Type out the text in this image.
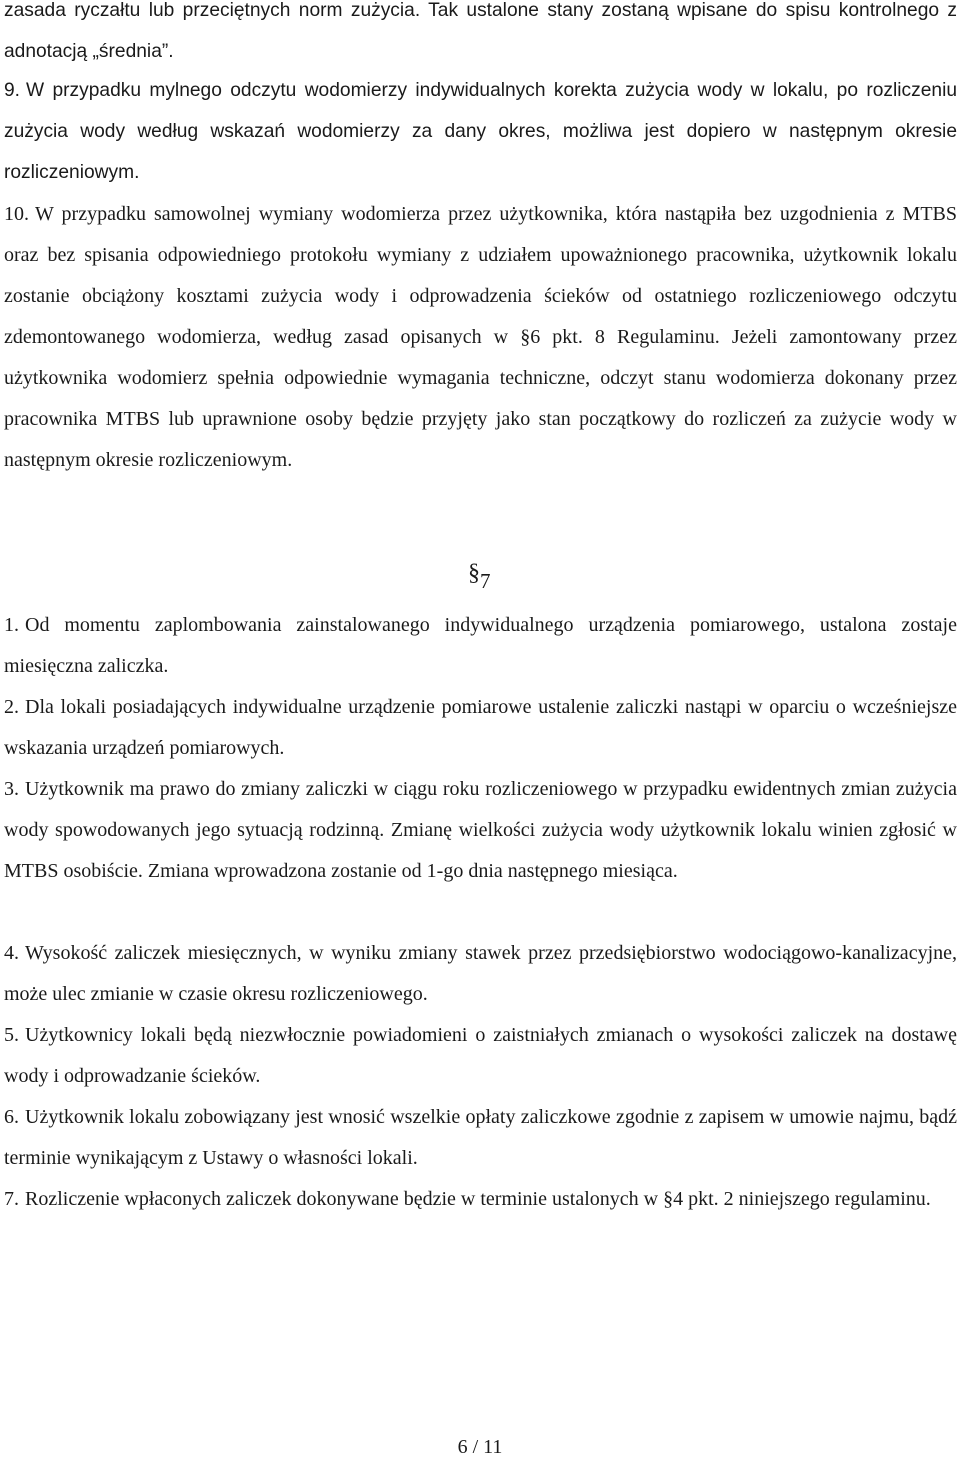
zasada ryczałtu lub przeciętnych norm zużycia. Tak ustalone stany zostaną wpisane do spisu kontrolnego z adnotacją „średnia”.

9. W przypadku mylnego odczytu wodomierzy indywidualnych korekta zużycia wody w lokalu, po rozliczeniu zużycia wody według wskazań wodomierzy za dany okres, możliwa jest dopiero w następnym okresie rozliczeniowym.

10. W przypadku samowolnej wymiany wodomierza przez użytkownika, która nastąpiła bez uzgodnienia z MTBS oraz bez spisania odpowiedniego protokołu wymiany z udziałem upoważnionego pracownika, użytkownik lokalu zostanie obciążony kosztami zużycia wody i odprowadzenia ścieków od ostatniego rozliczeniowego odczytu zdemontowanego wodomierza, według zasad opisanych w §6 pkt. 8 Regulaminu. Jeżeli zamontowany przez użytkownika wodomierz spełnia odpowiednie wymagania techniczne, odczyt stanu wodomierza dokonany przez pracownika MTBS lub uprawnione osoby będzie przyjęty jako stan początkowy do rozliczeń za zużycie wody w następnym okresie rozliczeniowym.

§7

1. Od momentu zaplombowania zainstalowanego indywidualnego urządzenia pomiarowego, ustalona zostaje miesięczna zaliczka.

2. Dla lokali posiadających indywidualne urządzenie pomiarowe ustalenie zaliczki nastąpi w oparciu o wcześniejsze wskazania urządzeń pomiarowych.

3. Użytkownik ma prawo do zmiany zaliczki w ciągu roku rozliczeniowego w przypadku ewidentnych zmian zużycia wody spowodowanych jego sytuacją rodzinną. Zmianę wielkości zużycia wody użytkownik lokalu winien zgłosić w MTBS osobiście. Zmiana wprowadzona zostanie od 1-go dnia następnego miesiąca.

4. Wysokość zaliczek miesięcznych, w wyniku zmiany stawek przez przedsiębiorstwo wodociągowo-kanalizacyjne, może ulec zmianie w czasie okresu rozliczeniowego.

5. Użytkownicy lokali będą niezwłocznie powiadomieni o zaistniałych zmianach o wysokości zaliczek na dostawę wody i odprowadzanie ścieków.

6. Użytkownik lokalu zobowiązany jest wnosić wszelkie opłaty zaliczkowe zgodnie z zapisem w umowie najmu, bądź terminie wynikającym z Ustawy o własności lokali.

7. Rozliczenie wpłaconych zaliczek dokonywane będzie w terminie ustalonych w §4 pkt. 2 niniejszego regulaminu.

6 / 11
